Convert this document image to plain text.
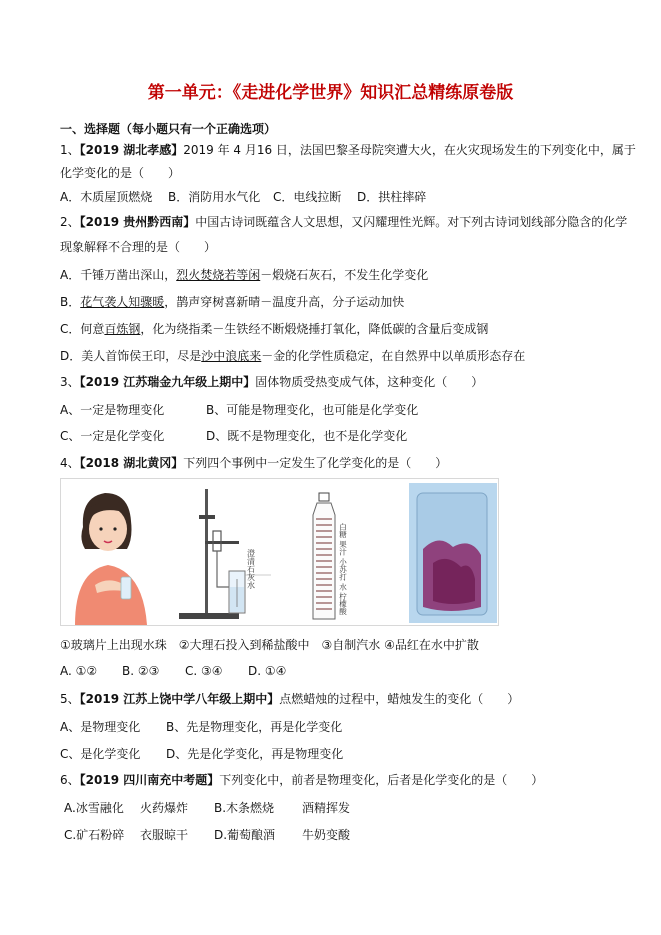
第一单元：《走进化学世界》知识汇总精练原卷版
一、选择题（每小题只有一个正确选项）
1、【2019 湖北孝感】2019 年 4 月16 日，法国巴黎圣母院突遭大火，在火灾现场发生的下列变化中，属于
化学变化的是（　　）
A．木质屋顶燃烧 B．消防用水气化 C．电线拉断 D．拱柱摔碎
2、【2019 贵州黔西南】中国古诗词既蕴含人文思想，又闪耀理性光辉。对下列古诗词划线部分隐含的化学
现象解释不合理的是（　　）
A．千锤万凿出深山，烈火焚烧若等闲－煅烧石灰石，不发生化学变化
B．花气袭人知骤暖，鹊声穿树喜新晴－温度升高，分子运动加快
C．何意百炼钢，化为绕指柔－生铁经不断煅烧捶打氧化，降低碳的含量后变成钢
D．美人首饰侯王印，尽是沙中浪底来－金的化学性质稳定，在自然界中以单质形态存在
3、【2019 江苏瑞金九年级上期中】固体物质受热变成气体，这种变化（　　）
A、一定是物理变化	B、可能是物理变化，也可能是化学变化
C、一定是化学变化	D、既不是物理变化，也不是化学变化
4、【2018 湖北黄冈】下列四个事例中一定发生了化学变化的是（　　）
澄清石灰水	白糖 果汁 小苏打 水 柠檬酸
①玻璃片上出现水珠　②大理石投入到稀盐酸中　③自制汽水 ④品红在水中扩散
A. ①② B. ②③ C. ③④ D. ①④
5、【2019 江苏上饶中学八年级上期中】点燃蜡烛的过程中，蜡烛发生的变化（　　）
A、是物理变化 B、先是物理变化，再是化学变化
C、是化学变化 D、先是化学变化，再是物理变化
6、【2019 四川南充中考题】下列变化中，前者是物理变化，后者是化学变化的是（　　）
A.冰雪融化 火药爆炸 B.木条燃烧 酒精挥发
C.矿石粉碎 衣服晾干 D.葡萄酿酒 牛奶变酸
